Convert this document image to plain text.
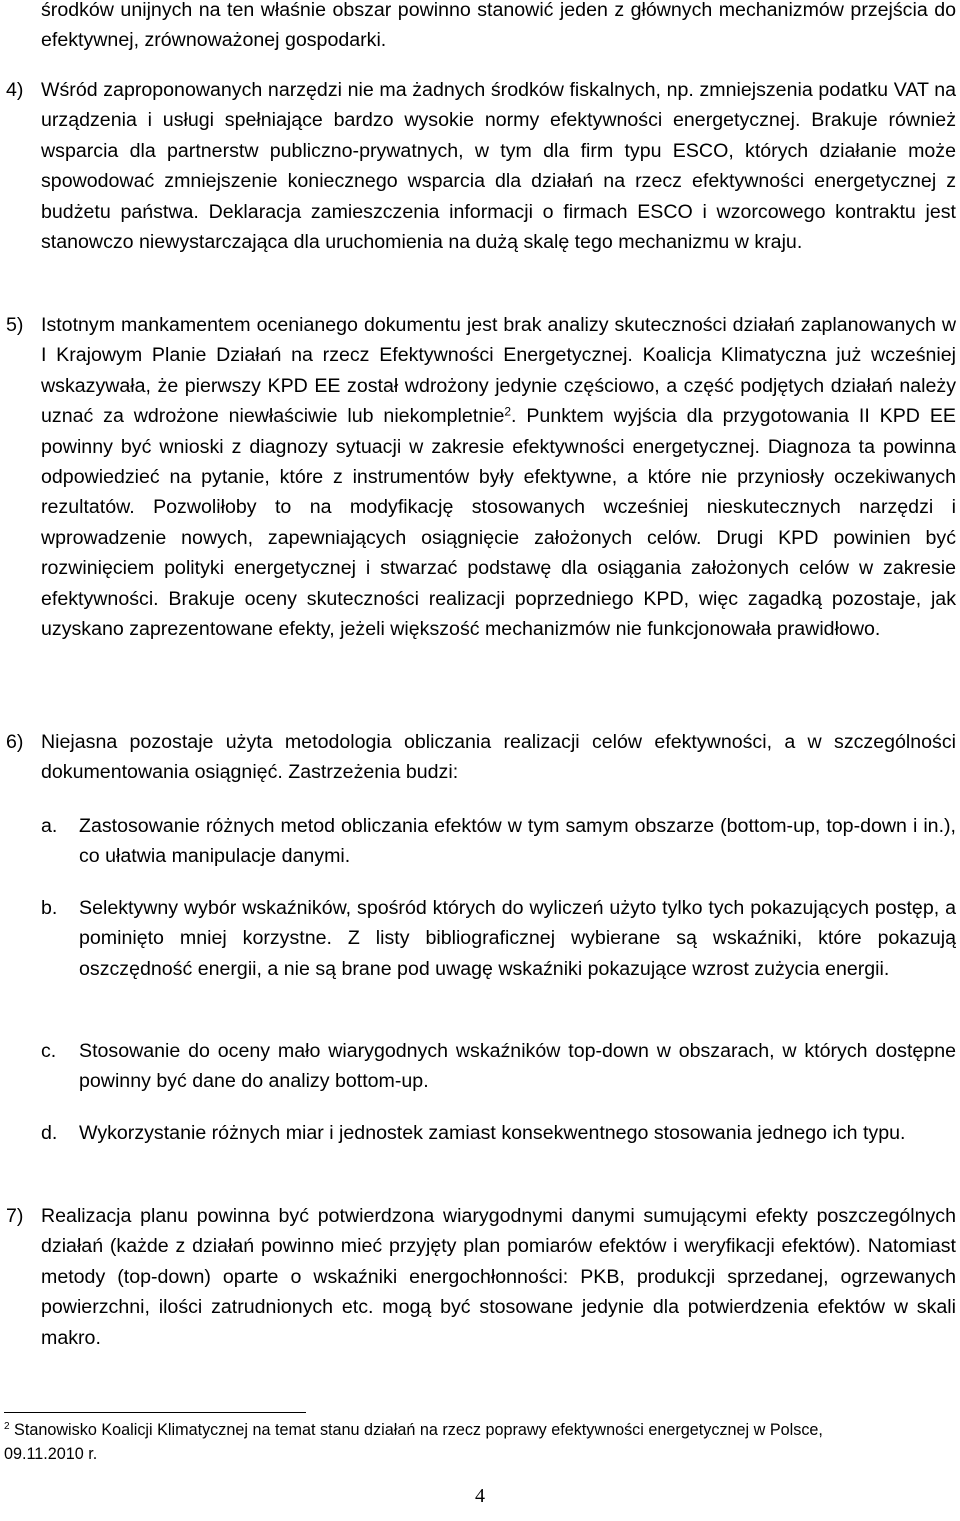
środków unijnych na ten właśnie obszar powinno stanowić jeden z głównych mechanizmów przejścia do efektywnej, zrównoważonej gospodarki.

4) Wśród zaproponowanych narzędzi nie ma żadnych środków fiskalnych, np. zmniejszenia podatku VAT na urządzenia i usługi spełniające bardzo wysokie normy efektywności energetycznej. Brakuje również wsparcia dla partnerstw publiczno-prywatnych, w tym dla firm typu ESCO, których działanie może spowodować zmniejszenie koniecznego wsparcia dla działań na rzecz efektywności energetycznej z budżetu państwa. Deklaracja zamieszczenia informacji o firmach ESCO i wzorcowego kontraktu jest stanowczo niewystarczająca dla uruchomienia na dużą skalę tego mechanizmu w kraju.

5) Istotnym mankamentem ocenianego dokumentu jest brak analizy skuteczności działań zaplanowanych w I Krajowym Planie Działań na rzecz Efektywności Energetycznej. Koalicja Klimatyczna już wcześniej wskazywała, że pierwszy KPD EE został wdrożony jedynie częściowo, a część podjętych działań należy uznać za wdrożone niewłaściwie lub niekompletnie$^2$. Punktem wyjścia dla przygotowania II KPD EE powinny być wnioski z diagnozy sytuacji w zakresie efektywności energetycznej. Diagnoza ta powinna odpowiedzieć na pytanie, które z instrumentów były efektywne, a które nie przyniosły oczekiwanych rezultatów. Pozwoliłoby to na modyfikację stosowanych wcześniej nieskutecznych narzędzi i wprowadzenie nowych, zapewniających osiągnięcie założonych celów. Drugi KPD powinien być rozwinięciem polityki energetycznej i stwarzać podstawę dla osiągania założonych celów w zakresie efektywności. Brakuje oceny skuteczności realizacji poprzedniego KPD, więc zagadką pozostaje, jak uzyskano zaprezentowane efekty, jeżeli większość mechanizmów nie funkcjonowała prawidłowo.

6) Niejasna pozostaje użyta metodologia obliczania realizacji celów efektywności, a w szczególności dokumentowania osiągnięć. Zastrzeżenia budzi:

a. Zastosowanie różnych metod obliczania efektów w tym samym obszarze (bottom-up, top-down i in.), co ułatwia manipulacje danymi.

b. Selektywny wybór wskaźników, spośród których do wyliczeń użyto tylko tych pokazujących postęp, a pominięto mniej korzystne. Z listy bibliograficznej wybierane są wskaźniki, które pokazują oszczędność energii, a nie są brane pod uwagę wskaźniki pokazujące wzrost zużycia energii.

c. Stosowanie do oceny mało wiarygodnych wskaźników top-down w obszarach, w których dostępne powinny być dane do analizy bottom-up.

d. Wykorzystanie różnych miar i jednostek zamiast konsekwentnego stosowania jednego ich typu.

7) Realizacja planu powinna być potwierdzona wiarygodnymi danymi sumującymi efekty poszczególnych działań (każde z działań powinno mieć przyjęty plan pomiarów efektów i weryfikacji efektów). Natomiast metody (top-down) oparte o wskaźniki energochłonności: PKB, produkcji sprzedanej, ogrzewanych powierzchni, ilości zatrudnionych etc. mogą być stosowane jedynie dla potwierdzenia efektów w skali makro.

$^2$ Stanowisko Koalicji Klimatycznej na temat stanu działań na rzecz poprawy efektywności energetycznej w Polsce, 09.11.2010 r.

4
